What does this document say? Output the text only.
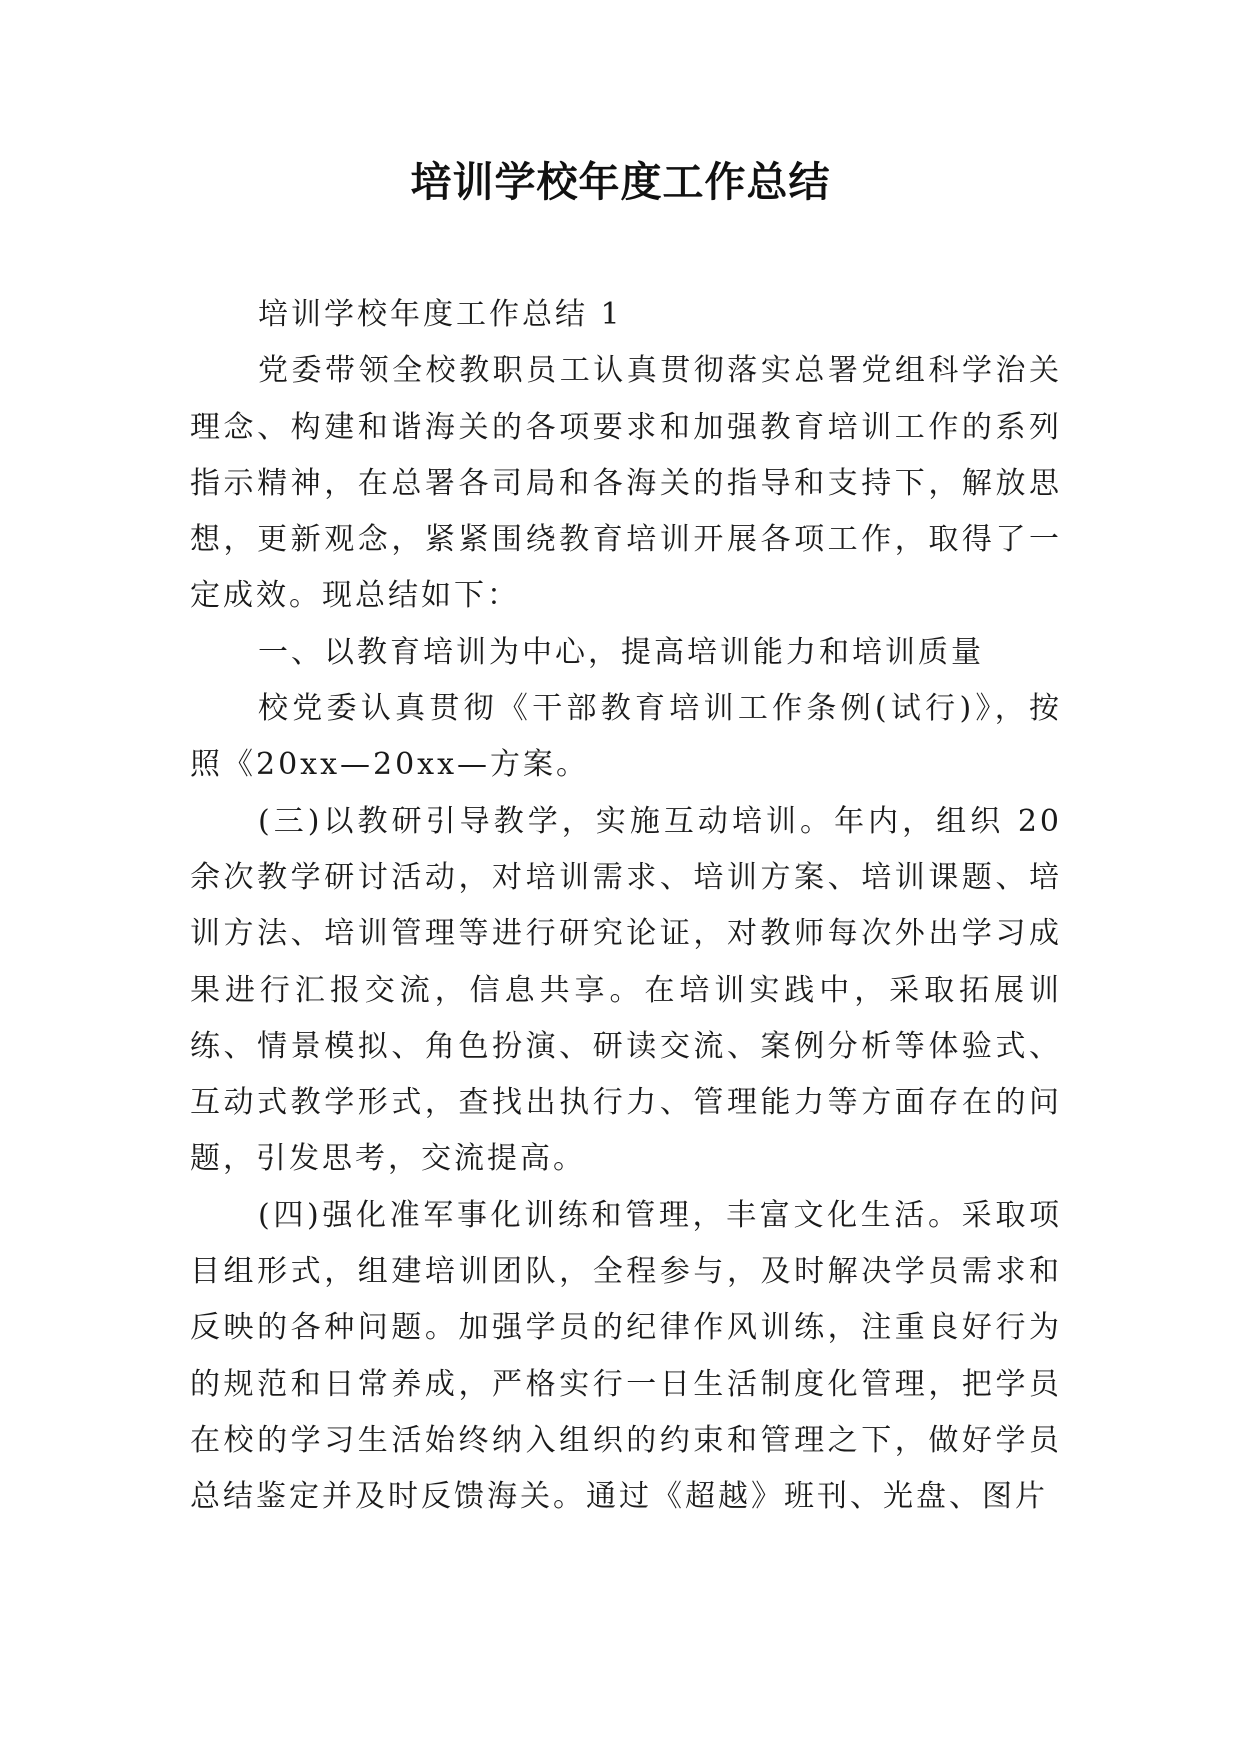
培训学校年度工作总结

培训学校年度工作总结 1

党委带领全校教职员工认真贯彻落实总署党组科学治关理念、构建和谐海关的各项要求和加强教育培训工作的系列指示精神，在总署各司局和各海关的指导和支持下，解放思想，更新观念，紧紧围绕教育培训开展各项工作，取得了一定成效。现总结如下：

一、以教育培训为中心，提高培训能力和培训质量

校党委认真贯彻《干部教育培训工作条例(试行)》，按照《20xx—20xx—方案。

(三)以教研引导教学，实施互动培训。年内，组织 20 余次教学研讨活动，对培训需求、培训方案、培训课题、培训方法、培训管理等进行研究论证，对教师每次外出学习成果进行汇报交流，信息共享。在培训实践中，采取拓展训练、情景模拟、角色扮演、研读交流、案例分析等体验式、互动式教学形式，查找出执行力、管理能力等方面存在的问题，引发思考，交流提高。

(四)强化准军事化训练和管理，丰富文化生活。采取项目组形式，组建培训团队，全程参与，及时解决学员需求和反映的各种问题。加强学员的纪律作风训练，注重良好行为的规范和日常养成，严格实行一日生活制度化管理，把学员在校的学习生活始终纳入组织的约束和管理之下，做好学员总结鉴定并及时反馈海关。通过《超越》班刊、光盘、图片
